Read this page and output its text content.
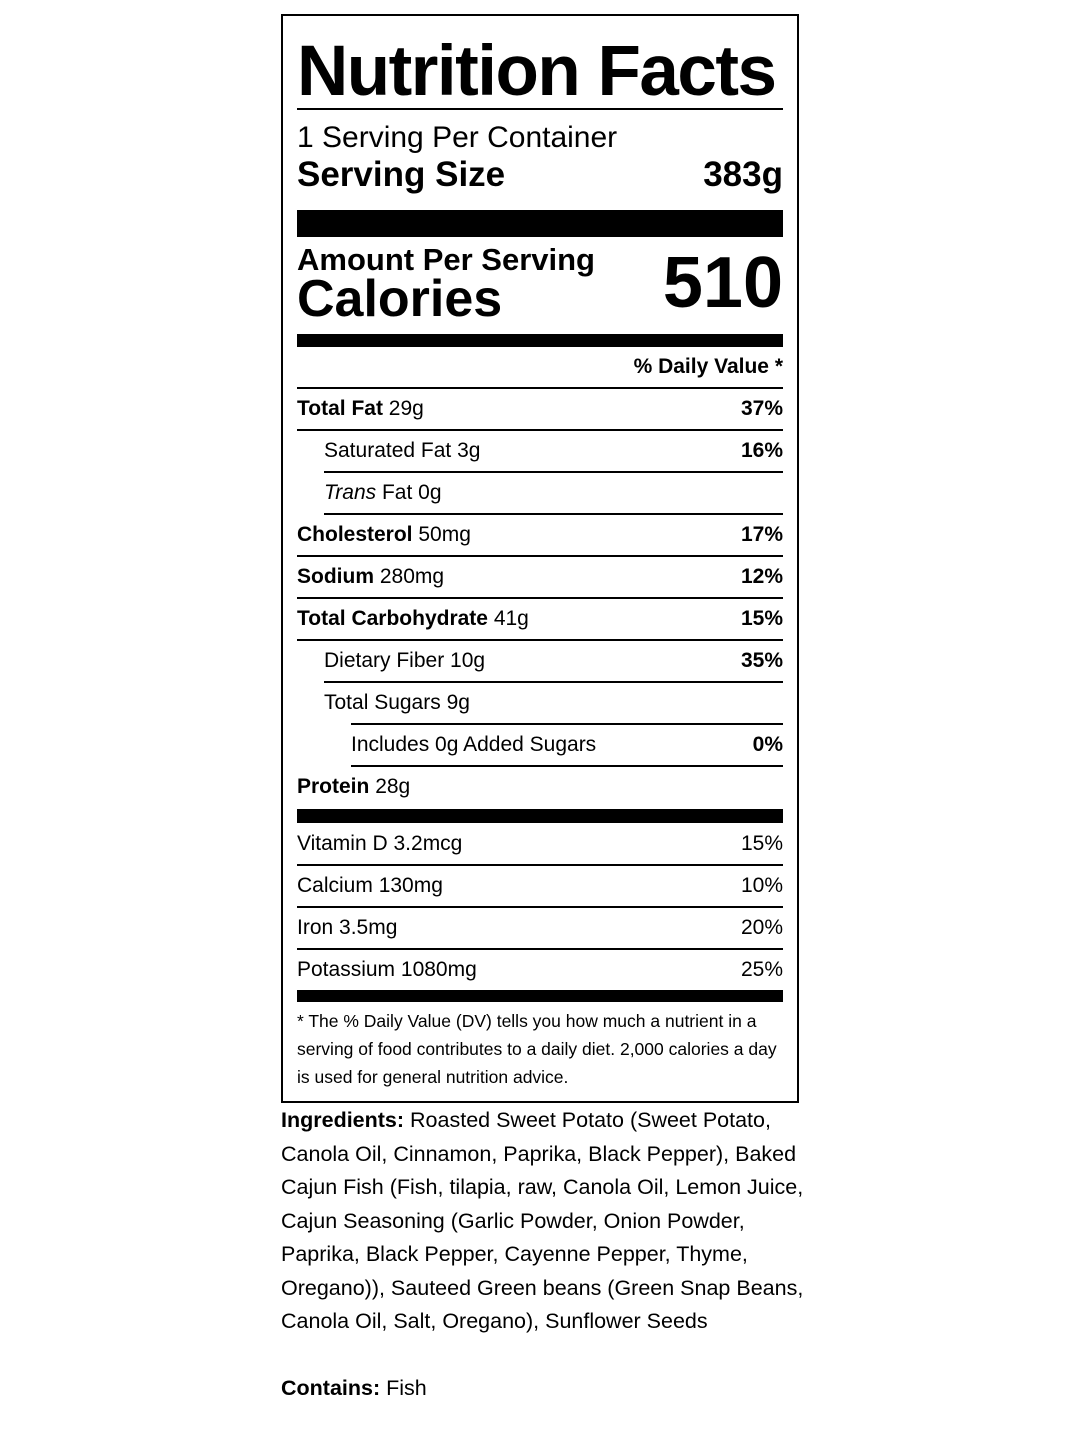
Nutrition Facts
1 Serving Per Container
Serving Size	383g
Amount Per Serving
Calories 510
% Daily Value *
Total Fat 29g	37%
Saturated Fat 3g	16%
Trans Fat 0g
Cholesterol 50mg	17%
Sodium 280mg	12%
Total Carbohydrate 41g	15%
Dietary Fiber 10g	35%
Total Sugars 9g
Includes 0g Added Sugars	0%
Protein 28g
Vitamin D 3.2mcg	15%
Calcium 130mg	10%
Iron 3.5mg	20%
Potassium 1080mg	25%
* The % Daily Value (DV) tells you how much a nutrient in a serving of food contributes to a daily diet. 2,000 calories a day is used for general nutrition advice.
Ingredients: Roasted Sweet Potato (Sweet Potato, Canola Oil, Cinnamon, Paprika, Black Pepper), Baked Cajun Fish (Fish, tilapia, raw, Canola Oil, Lemon Juice, Cajun Seasoning (Garlic Powder, Onion Powder, Paprika, Black Pepper, Cayenne Pepper, Thyme, Oregano)), Sauteed Green beans (Green Snap Beans, Canola Oil, Salt, Oregano), Sunflower Seeds
Contains: Fish
